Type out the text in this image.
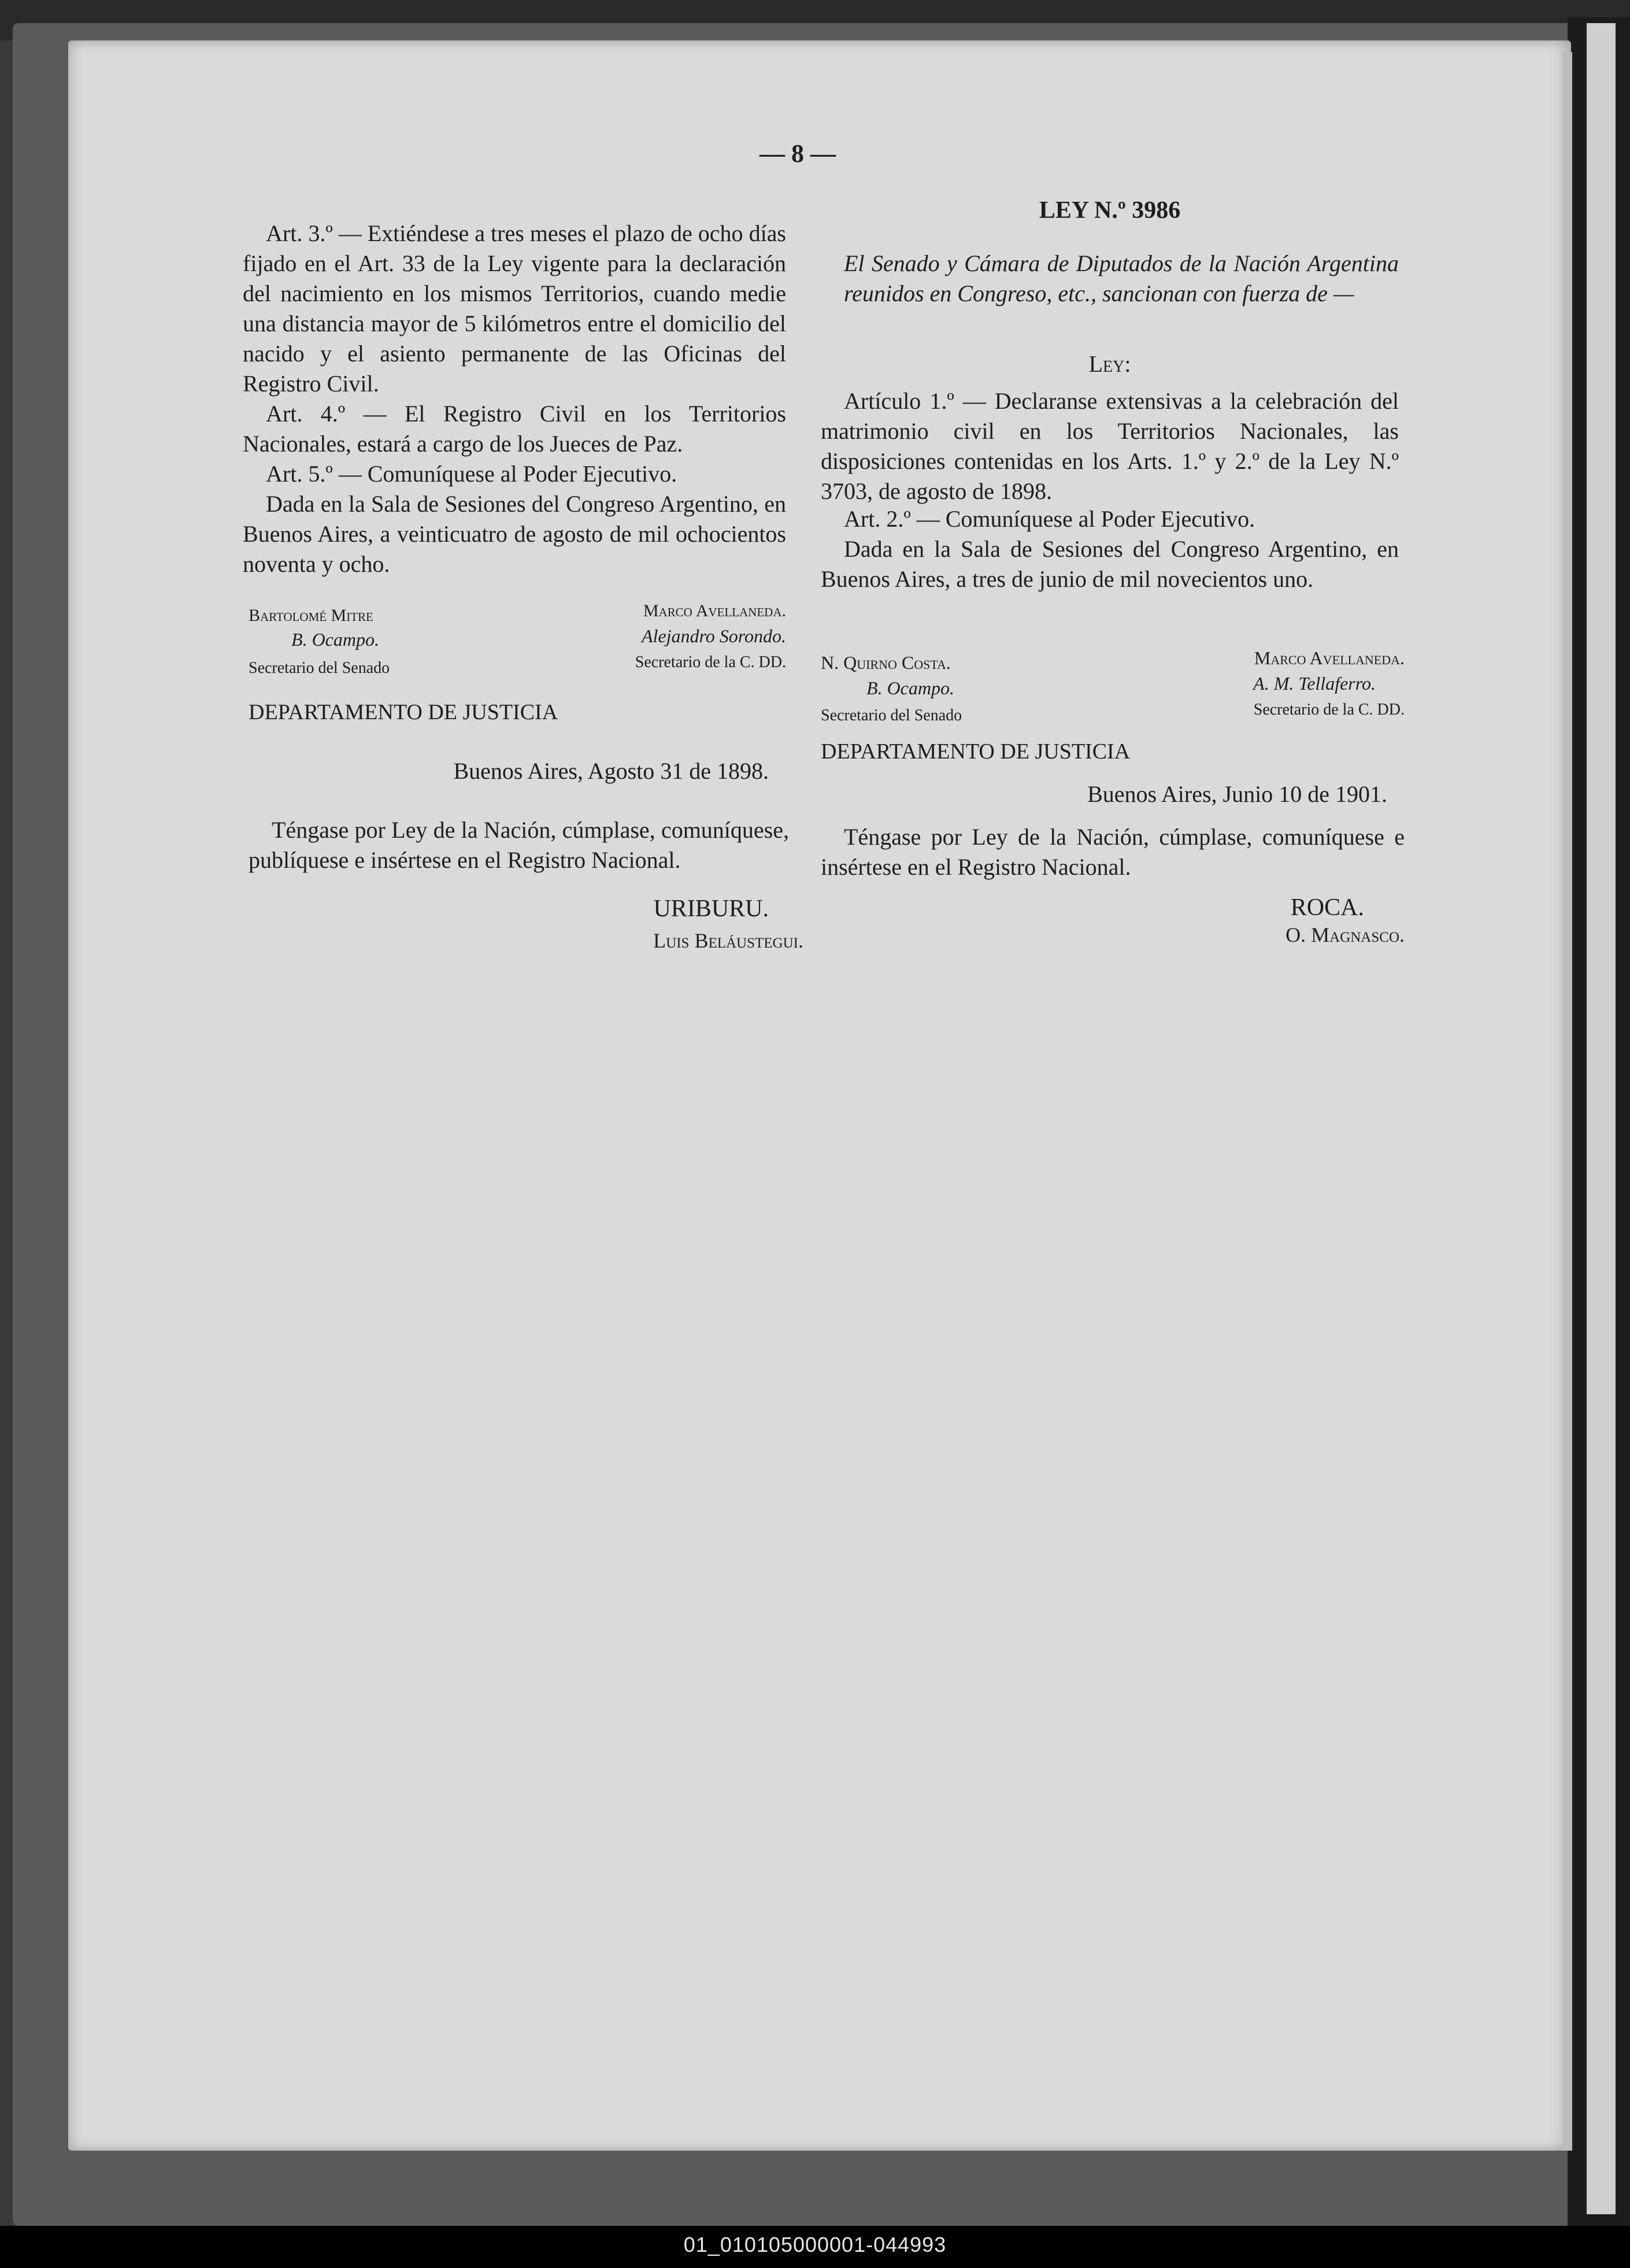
— 8 —
Art. 3.º — Extiéndese a tres meses el plazo de ocho días fijado en el Art. 33 de la Ley vigente para la declaración del nacimiento en los mismos Territorios, cuando medie una distancia mayor de 5 kilómetros entre el domicilio del nacido y el asiento permanente de las Oficinas del Registro Civil.
Art. 4.º — El Registro Civil en los Territorios Nacionales, estará a cargo de los Jueces de Paz.
Art. 5.º — Comuníquese al Poder Ejecutivo.
Dada en la Sala de Sesiones del Congreso Argentino, en Buenos Aires, a veinticuatro de agosto de mil ochocientos noventa y ocho.
Bartolomé Mitre
B. Ocampo.
Secretario del Senado
Marco Avellaneda.
Alejandro Sorondo.
Secretario de la C. DD.
DEPARTAMENTO DE JUSTICIA
Buenos Aires, Agosto 31 de 1898.
Téngase por Ley de la Nación, cúmplase, comuníquese, publíquese e insértese en el Registro Nacional.
URIBURU.
Luis Beláustegui.
LEY N.º 3986
El Senado y Cámara de Diputados de la Nación Argentina reunidos en Congreso, etc., sancionan con fuerza de —
Ley:
Artículo 1.º — Declaranse extensivas a la celebración del matrimonio civil en los Territorios Nacionales, las disposiciones contenidas en los Arts. 1.º y 2.º de la Ley N.º 3703, de agosto de 1898.
Art. 2.º — Comuníquese al Poder Ejecutivo.
Dada en la Sala de Sesiones del Congreso Argentino, en Buenos Aires, a tres de junio de mil novecientos uno.
N. Quirno Costa.
B. Ocampo.
Secretario del Senado
Marco Avellaneda.
A. M. Tellaferro.
Secretario de la C. DD.
DEPARTAMENTO DE JUSTICIA
Buenos Aires, Junio 10 de 1901.
Téngase por Ley de la Nación, cúmplase, comuníquese e insértese en el Registro Nacional.
ROCA.
O. Magnasco.
01_010105000001-044993
